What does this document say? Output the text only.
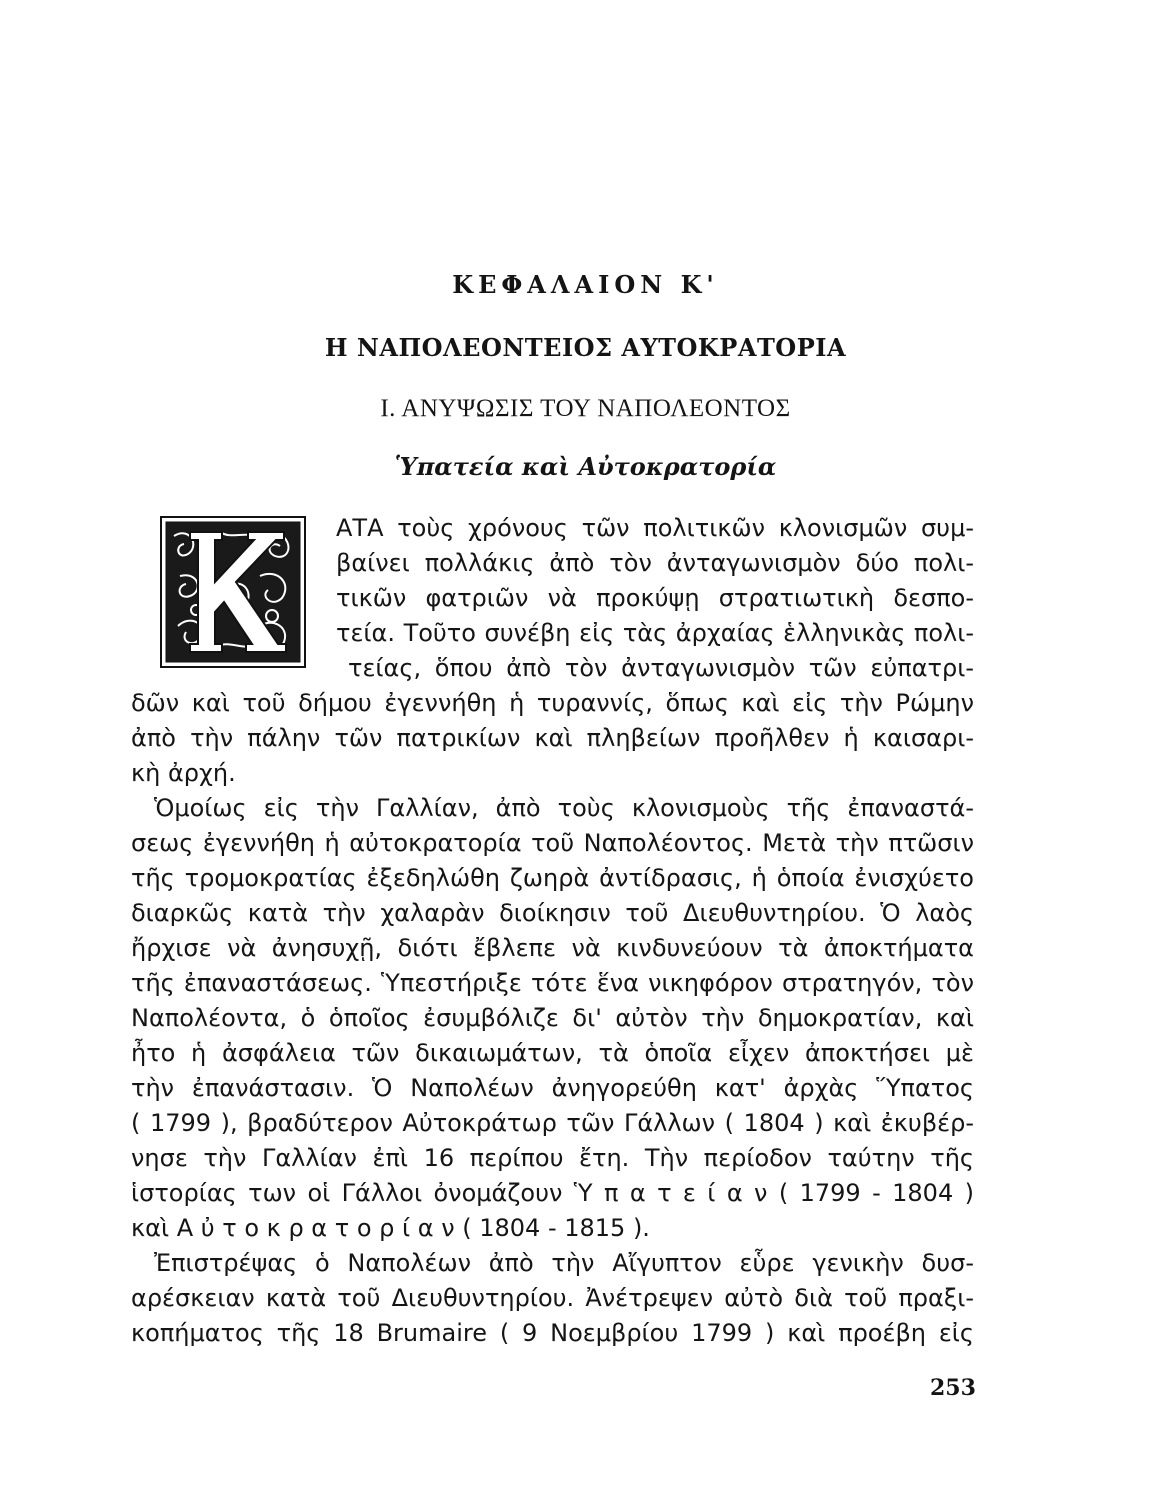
ΚΕΦΑΛΑΙΟΝ Κ'
Η ΝΑΠΟΛΕΟΝΤΕΙΟΣ ΑΥΤΟΚΡΑΤΟΡΙΑ
Ι. ΑΝΥΨΩΣΙΣ ΤΟΥ ΝΑΠΟΛΕΟΝΤΟΣ
Ὑπατεία καὶ Αὐτοκρατορία
ΑΤΑ τοὺς χρόνους τῶν πολιτικῶν κλονισμῶν συμ-
βαίνει πολλάκις ἀπὸ τὸν ἀνταγωνισμὸν δύο πολι-
τικῶν φατριῶν νὰ προκύψῃ στρατιωτικὴ δεσπο-
τεία. Τοῦτο συνέβη εἰς τὰς ἀρχαίας ἑλληνικὰς πολι-
τείας, ὅπου ἀπὸ τὸν ἀνταγωνισμὸν τῶν εὐπατρι-
δῶν καὶ τοῦ δήμου ἐγεννήθη ἡ τυραννίς, ὅπως καὶ εἰς τὴν Ρώμην
ἀπὸ τὴν πάλην τῶν πατρικίων καὶ πληβείων προῆλθεν ἡ καισαρι-
κὴ ἀρχή.
Ὁμοίως εἰς τὴν Γαλλίαν, ἀπὸ τοὺς κλονισμοὺς τῆς ἐπαναστά-
σεως ἐγεννήθη ἡ αὐτοκρατορία τοῦ Ναπολέοντος. Μετὰ τὴν πτῶσιν
τῆς τρομοκρατίας ἐξεδηλώθη ζωηρὰ ἀντίδρασις, ἡ ὁποία ἐνισχύετο
διαρκῶς κατὰ τὴν χαλαρὰν διοίκησιν τοῦ Διευθυντηρίου. Ὁ λαὸς
ἤρχισε νὰ ἀνησυχῇ, διότι ἔβλεπε νὰ κινδυνεύουν τὰ ἀποκτήματα
τῆς ἐπαναστάσεως. Ὑπεστήριξε τότε ἕνα νικηφόρον στρατηγόν, τὸν
Ναπολέοντα, ὁ ὁποῖος ἐσυμβόλιζε δι' αὐτὸν τὴν δημοκρατίαν, καὶ
ἦτο ἡ ἀσφάλεια τῶν δικαιωμάτων, τὰ ὁποῖα εἶχεν ἀποκτήσει μὲ
τὴν ἐπανάστασιν. Ὁ Ναπολέων ἀνηγορεύθη κατ' ἀρχὰς Ὕπατος
( 1799 ), βραδύτερον Αὐτοκράτωρ τῶν Γάλλων ( 1804 ) καὶ ἐκυβέρ-
νησε τὴν Γαλλίαν ἐπὶ 16 περίπου ἔτη. Τὴν περίοδον ταύτην τῆς
ἱστορίας των οἱ Γάλλοι ὀνομάζουν Ὑ π α τ ε ί α ν ( 1799 - 1804 )
καὶ Α ὐ τ ο κ ρ α τ ο ρ ί α ν ( 1804 - 1815 ).
Ἐπιστρέψας ὁ Ναπολέων ἀπὸ τὴν Αἴγυπτον εὗρε γενικὴν δυσ-
αρέσκειαν κατὰ τοῦ Διευθυντηρίου. Ἀνέτρεψεν αὐτὸ διὰ τοῦ πραξι-
κοπήματος τῆς 18 Brumaire ( 9 Νοεμβρίου 1799 ) καὶ προέβη εἰς
253
